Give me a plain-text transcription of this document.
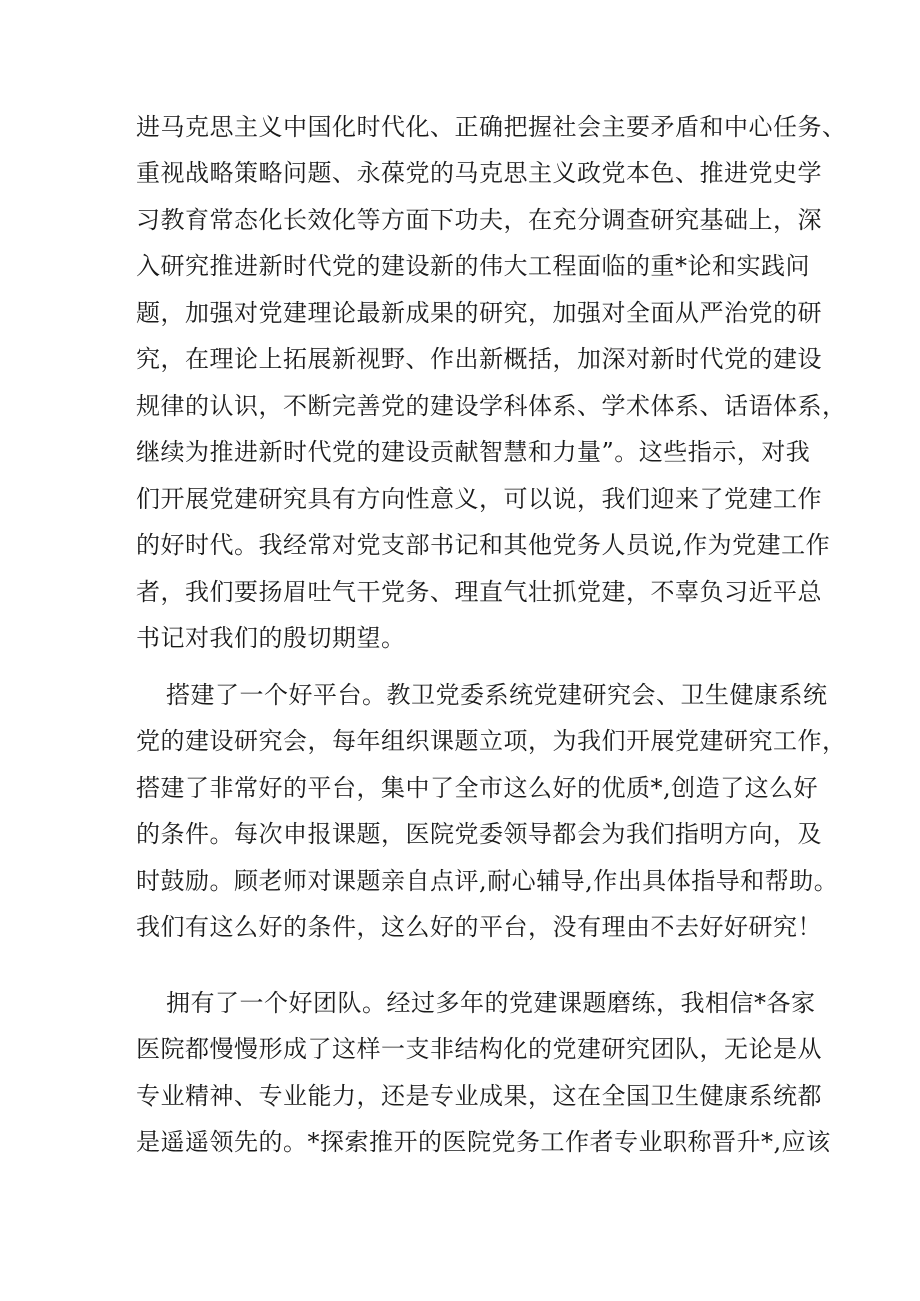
进马克思主义中国化时代化、正确把握社会主要矛盾和中心任务、
重视战略策略问题、永葆党的马克思主义政党本色、推进党史学
习教育常态化长效化等方面下功夫，在充分调查研究基础上，深
入研究推进新时代党的建设新的伟大工程面临的重*论和实践问
题，加强对党建理论最新成果的研究，加强对全面从严治党的研
究，在理论上拓展新视野、作出新概括，加深对新时代党的建设
规律的认识，不断完善党的建设学科体系、学术体系、话语体系，
继续为推进新时代党的建设贡献智慧和力量”。这些指示，对我
们开展党建研究具有方向性意义，可以说，我们迎来了党建工作
的好时代。我经常对党支部书记和其他党务人员说,作为党建工作
者，我们要扬眉吐气干党务、理直气壮抓党建，不辜负习近平总
书记对我们的殷切期望。
搭建了一个好平台。教卫党委系统党建研究会、卫生健康系统
党的建设研究会，每年组织课题立项，为我们开展党建研究工作，
搭建了非常好的平台，集中了全市这么好的优质*,创造了这么好
的条件。每次申报课题，医院党委领导都会为我们指明方向，及
时鼓励。顾老师对课题亲自点评,耐心辅导,作出具体指导和帮助。
我们有这么好的条件，这么好的平台，没有理由不去好好研究！
拥有了一个好团队。经过多年的党建课题磨练，我相信*各家
医院都慢慢形成了这样一支非结构化的党建研究团队，无论是从
专业精神、专业能力，还是专业成果，这在全国卫生健康系统都
是遥遥领先的。*探索推开的医院党务工作者专业职称晋升*,应该
